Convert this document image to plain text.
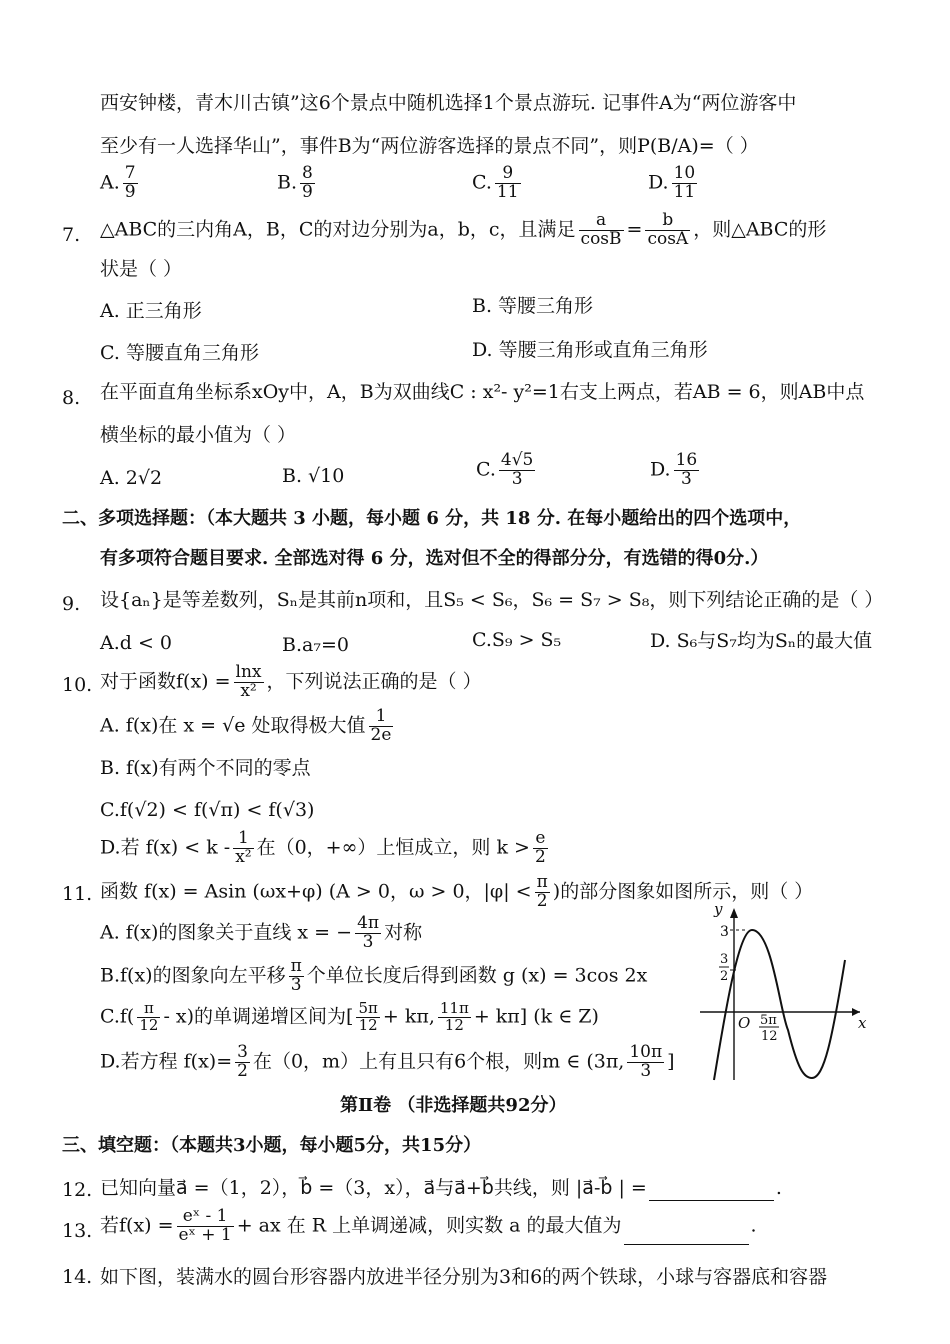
西安钟楼，青木川古镇”这6个景点中随机选择1个景点游玩. 记事件A为“两位游客中
至少有一人选择华山”，事件B为“两位游客选择的景点不同”，则P(B/A)=（ ）
A. $\frac{7}{9}$	B. $\frac{8}{9}$	C. $\frac{9}{11}$	D. $\frac{10}{11}$
7. △ABC的三内角A，B，C的对边分别为a，b，c，且满足 $\frac{a}{\cos B} = \frac{b}{\cos A}$ ，则△ABC的形
状是（ ）
A. 正三角形	B. 等腰三角形
C. 等腰直角三角形	D. 等腰三角形或直角三角形
8. 在平面直角坐标系xOy中，A，B为双曲线C : x²- y²=1右支上两点，若AB = 6，则AB中点
横坐标的最小值为（ ）
A. 2√2	B. √10	C. $\frac{4√5}{3}$	D. $\frac{16}{3}$
二、多项选择题：（本大题共 3 小题，每小题 6 分，共 18 分. 在每小题给出的四个选项中，
有多项符合题目要求. 全部选对得 6 分，选对但不全的得部分分，有选错的得0分.）
9. 设{aₙ}是等差数列，Sₙ是其前n项和，且S₅ < S₆，S₆ = S₇ > S₈，则下列结论正确的是（ ）
A.d < 0	B.a₇=0	C.S₉ > S₅	D. S₆与S₇均为Sₙ的最大值
10. 对于函数$f(x) = \frac{\ln x}{\text{x²}}$ ，下列说法正确的是（ ）
A. f(x)在 x = √e 处取得极大值 $\frac{1}{2e}$
B. f(x)有两个不同的零点
C.f(√2) < f(√π) < f(√3)
D.若 $f(x) < k - \frac{1}{\text{x²}}$ 在（0，+∞）上恒成立，则 $k > \frac{e}{2}$
11. 函数 f(x) = Asin (ωx+φ) (A > 0，ω > 0，$|\varphi| < \frac{\pi}{2}$ )的部分图象如图所示，则（ ）
A. f(x)的图象关于直线 x = − $\frac{4\pi}{3}$ 对称
B.f(x)的图象向左平移 $\frac{\pi}{3}$ 个单位长度后得到函数 g (x) = 3cos 2x
$C.f( \frac{\pi}{12} - x)$的单调递增区间为[ $\frac{5\pi}{12} + k\pi$, $\frac{11\pi}{12} + k\pi$] (k ∈ Z)
D.若方程 $f(x)= \frac{3}{2}$ 在（0，m）上有且只有6个根，则m ∈ (3π, $\frac{10\pi}{3}$ ]
y
x
O
3
3
2
5π
12
第Ⅱ卷 （非选择题共92分）
三、填空题：（本题共3小题，每小题5分，共15分）
12. 已知向量a⃗ =（1，2），b⃗ =（3，x），a⃗与a⃗+b⃗共线，则 |a⃗-b⃗ | =	.
13. 若$f(x) = \frac{\text{eˣ - 1}}{\text{eˣ + 1}}$ + ax 在 R 上单调递减，则实数 a 的最大值为	.
14. 如下图，装满水的圆台形容器内放进半径分别为3和6的两个铁球，小球与容器底和容器
